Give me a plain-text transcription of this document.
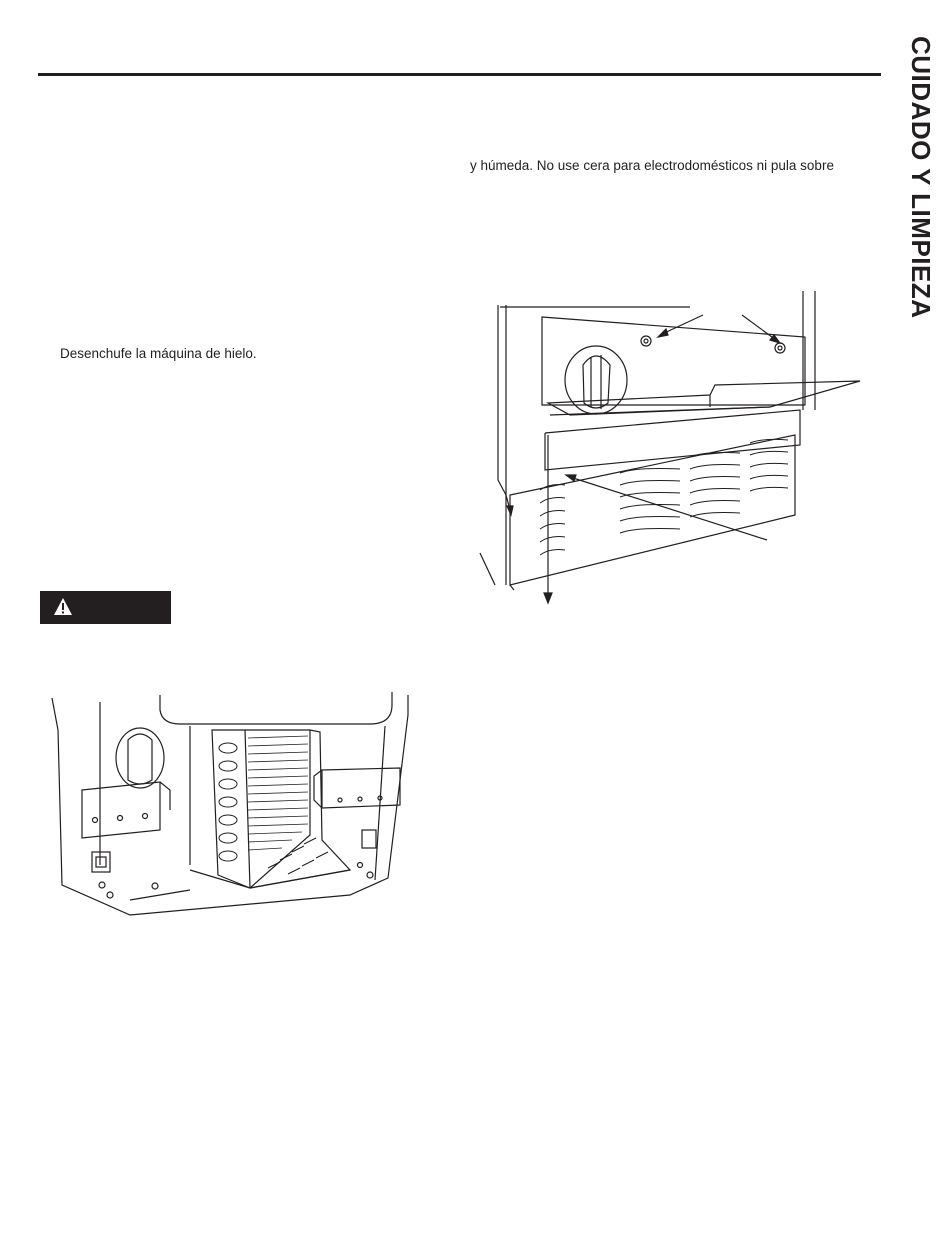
CUIDADO Y LIMPIEZA
y húmeda. No use cera para electrodomésticos ni pula sobre
Desenchufe la máquina de hielo.
